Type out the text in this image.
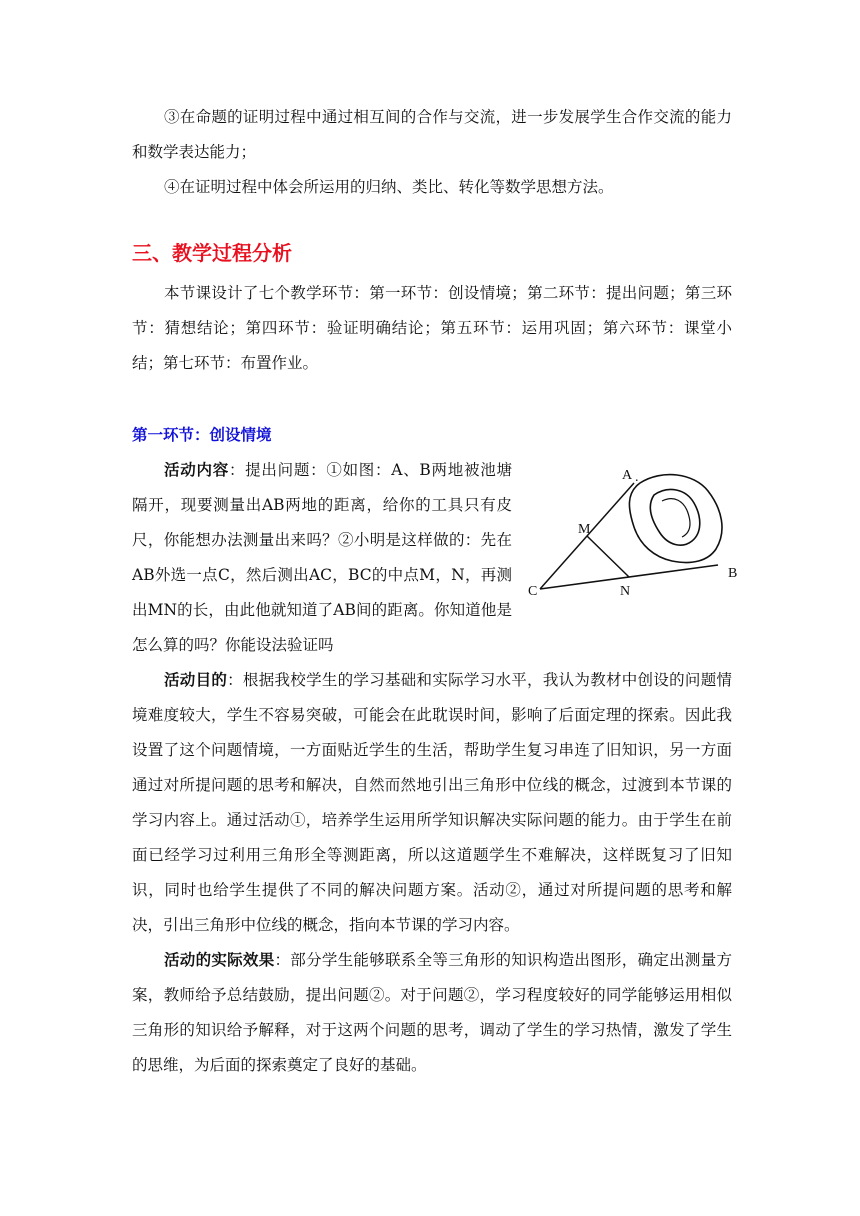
③在命题的证明过程中通过相互间的合作与交流，进一步发展学生合作交流的能力和数学表达能力；

④在证明过程中体会所运用的归纳、类比、转化等数学思想方法。

三、教学过程分析

本节课设计了七个教学环节：第一环节：创设情境；第二环节：提出问题；第三环节：猜想结论；第四环节：验证明确结论；第五环节：运用巩固；第六环节：课堂小结；第七环节：布置作业。

第一环节：创设情境
A .
B
C
M
N

活动内容：提出问题：①如图：A、B两地被池塘隔开，现要测量出AB两地的距离，给你的工具只有皮尺，你能想办法测量出来吗？②小明是这样做的：先在AB外选一点C，然后测出AC，BC的中点M，N，再测出MN的长，由此他就知道了AB间的距离。你知道他是怎么算的吗？你能设法验证吗

活动目的：根据我校学生的学习基础和实际学习水平，我认为教材中创设的问题情境难度较大，学生不容易突破，可能会在此耽误时间，影响了后面定理的探索。因此我设置了这个问题情境，一方面贴近学生的生活，帮助学生复习串连了旧知识，另一方面通过对所提问题的思考和解决，自然而然地引出三角形中位线的概念，过渡到本节课的学习内容上。通过活动①，培养学生运用所学知识解决实际问题的能力。由于学生在前面已经学习过利用三角形全等测距离，所以这道题学生不难解决，这样既复习了旧知识，同时也给学生提供了不同的解决问题方案。活动②，通过对所提问题的思考和解决，引出三角形中位线的概念，指向本节课的学习内容。

活动的实际效果：部分学生能够联系全等三角形的知识构造出图形，确定出测量方案，教师给予总结鼓励，提出问题②。对于问题②，学习程度较好的同学能够运用相似三角形的知识给予解释，对于这两个问题的思考，调动了学生的学习热情，激发了学生的思维，为后面的探索奠定了良好的基础。
